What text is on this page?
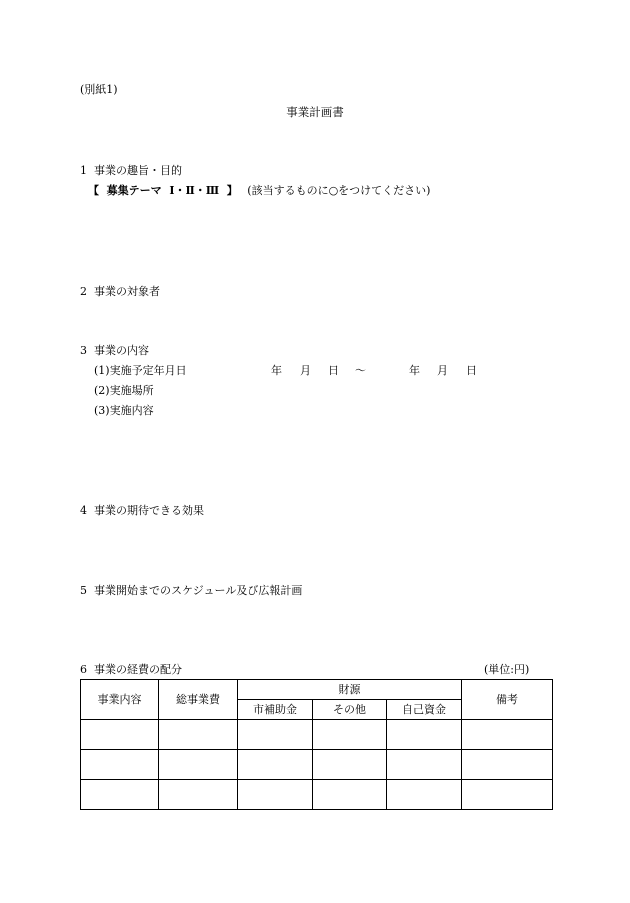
(別紙1)
事業計画書
1  事業の趣旨・目的
【  募集テーマ  Ⅰ・Ⅱ・Ⅲ  】 (該当するものに○をつけてください)
2  事業の対象者
3  事業の内容
(1)実施予定年月日	年 月 日 〜	年 月 日
(2)実施場所
(3)実施内容
4  事業の期待できる効果
5  事業開始までのスケジュール及び広報計画
6  事業の経費の配分	(単位:円)
事業内容	総事業費	財源			備考
		市補助金	その他	自己資金	
